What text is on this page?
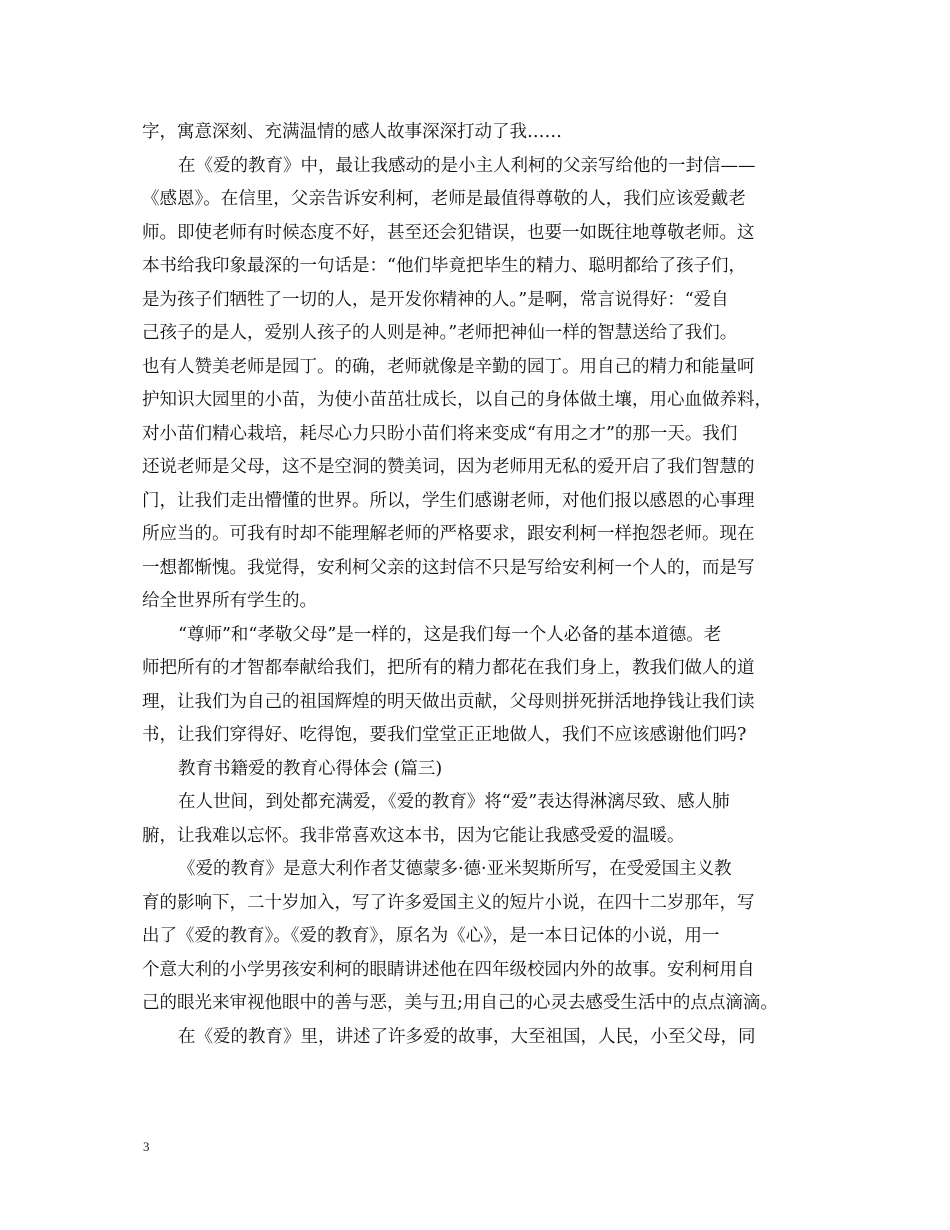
字，寓意深刻、充满温情的感人故事深深打动了我……
在《爱的教育》中，最让我感动的是小主人利柯的父亲写给他的一封信——
《感恩》。在信里，父亲告诉安利柯，老师是最值得尊敬的人，我们应该爱戴老
师。即使老师有时候态度不好，甚至还会犯错误，也要一如既往地尊敬老师。这
本书给我印象最深的一句话是：“他们毕竟把毕生的精力、聪明都给了孩子们，
是为孩子们牺牲了一切的人，是开发你精神的人。”是啊，常言说得好：“爱自
己孩子的是人，爱别人孩子的人则是神。”老师把神仙一样的智慧送给了我们。
也有人赞美老师是园丁。的确，老师就像是辛勤的园丁。用自己的精力和能量呵
护知识大园里的小苗，为使小苗茁壮成长，以自己的身体做土壤，用心血做养料，
对小苗们精心栽培，耗尽心力只盼小苗们将来变成“有用之才”的那一天。我们
还说老师是父母，这不是空洞的赞美词，因为老师用无私的爱开启了我们智慧的
门，让我们走出懵懂的世界。所以，学生们感谢老师，对他们报以感恩的心事理
所应当的。可我有时却不能理解老师的严格要求，跟安利柯一样抱怨老师。现在
一想都惭愧。我觉得，安利柯父亲的这封信不只是写给安利柯一个人的，而是写
给全世界所有学生的。
“尊师”和“孝敬父母”是一样的，这是我们每一个人必备的基本道德。老
师把所有的才智都奉献给我们，把所有的精力都花在我们身上，教我们做人的道
理，让我们为自己的祖国辉煌的明天做出贡献，父母则拼死拼活地挣钱让我们读
书，让我们穿得好、吃得饱，要我们堂堂正正地做人，我们不应该感谢他们吗?
教育书籍爱的教育心得体会 (篇三)
在人世间，到处都充满爱，《爱的教育》将“爱”表达得淋漓尽致、感人肺
腑，让我难以忘怀。我非常喜欢这本书，因为它能让我感受爱的温暖。
《爱的教育》是意大利作者艾德蒙多·德·亚米契斯所写，在受爱国主义教
育的影响下，二十岁加入，写了许多爱国主义的短片小说，在四十二岁那年，写
出了《爱的教育》。《爱的教育》，原名为《心》，是一本日记体的小说，用一
个意大利的小学男孩安利柯的眼睛讲述他在四年级校园内外的故事。安利柯用自
己的眼光来审视他眼中的善与恶，美与丑;用自己的心灵去感受生活中的点点滴滴。
在《爱的教育》里，讲述了许多爱的故事，大至祖国，人民，小至父母，同
3
